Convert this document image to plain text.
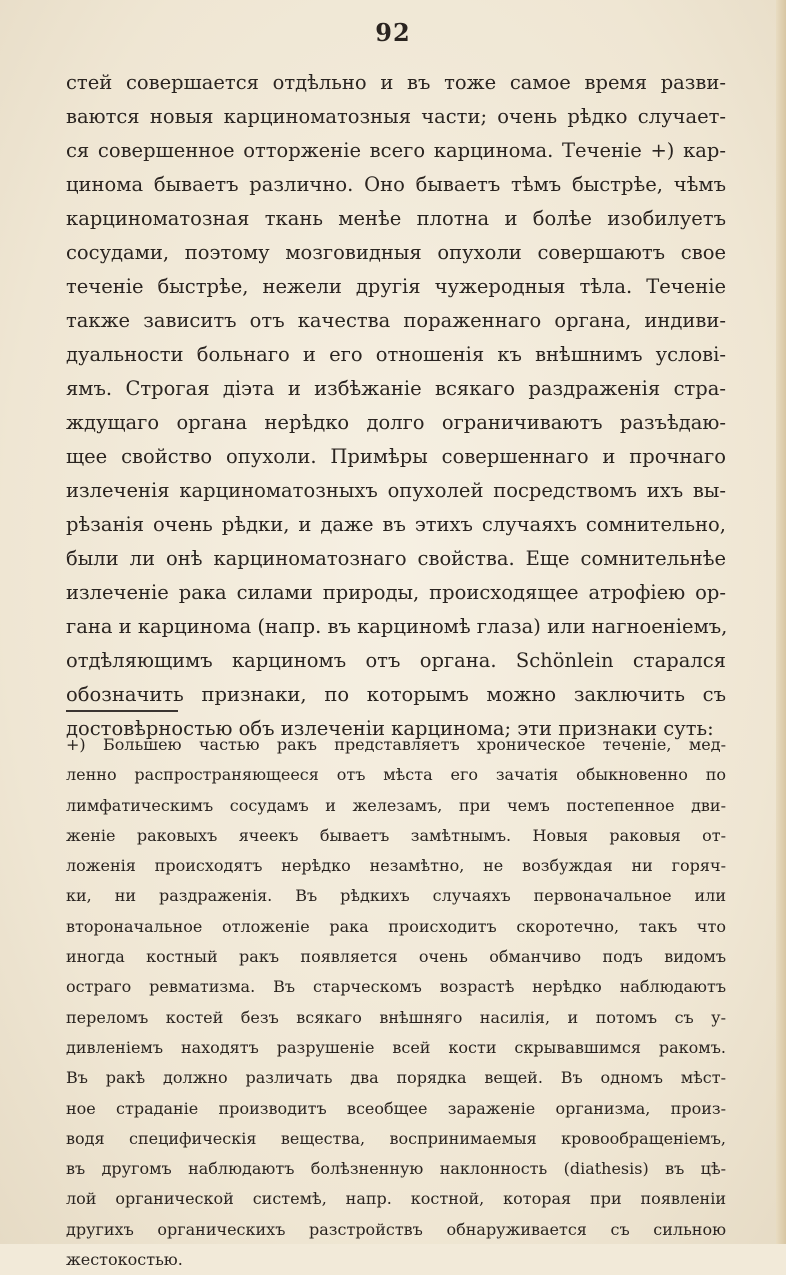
92
стей совершается отдѣльно и въ тоже самое время разви-
ваются новыя карциноматозныя части; очень рѣдко случает-
ся совершенное отторженіе всего карцинома. Теченіе +) кар-
цинома бываетъ различно. Оно бываетъ тѣмъ быстрѣе, чѣмъ
карциноматозная ткань менѣе плотна и болѣе изобилуетъ
сосудами, поэтому мозговидныя опухоли совершаютъ свое
теченіе быстрѣе, нежели другія чужеродныя тѣла. Теченіе
также зависитъ отъ качества пораженнаго органа, индиви-
дуальности больнаго и его отношенія къ внѣшнимъ услові-
ямъ. Строгая діэта и избѣжаніе всякаго раздраженія стра-
ждущаго органа нерѣдко долго ограничиваютъ разъѣдаю-
щее свойство опухоли. Примѣры совершеннаго и прочнаго
излеченія карциноматозныхъ опухолей посредствомъ ихъ вы-
рѣзанія очень рѣдки, и даже въ этихъ случаяхъ сомнительно,
были ли онѣ карциноматознаго свойства. Еще сомнительнѣе
излеченіе рака силами природы, происходящее атрофіею ор-
гана и карцинома (напр. въ карциномѣ глаза) или нагноеніемъ,
отдѣляющимъ карциномъ отъ органа. Schönlein старался
обозначить признаки, по которымъ можно заключить съ
достовѣрностью объ излеченіи карцинома; эти признаки суть:
+) Большею частью ракъ представляетъ хроническое теченіе, мед-
ленно распространяющееся отъ мѣста его зачатія обыкновенно по
лимфатическимъ сосудамъ и железамъ, при чемъ постепенное дви-
женіе раковыхъ ячеекъ бываетъ замѣтнымъ. Новыя раковыя от-
ложенія происходятъ нерѣдко незамѣтно, не возбуждая ни горяч-
ки, ни раздраженія. Въ рѣдкихъ случаяхъ первоначальное или
второначальное отложеніе рака происходитъ скоротечно, такъ что
иногда костный ракъ появляется очень обманчиво подъ видомъ
остраго ревматизма. Въ старческомъ возрастѣ нерѣдко наблюдаютъ
переломъ костей безъ всякаго внѣшняго насилія, и потомъ съ у-
дивленіемъ находятъ разрушеніе всей кости скрывавшимся ракомъ.
Въ ракѣ должно различать два порядка вещей. Въ одномъ мѣст-
ное страданіе производитъ всеобщее зараженіе организма, произ-
водя специфическія вещества, воспринимаемыя кровообращеніемъ,
въ другомъ наблюдаютъ болѣзненную наклонность (diathesis) въ цѣ-
лой органической системѣ, напр. костной, которая при появленіи
другихъ органическихъ разстройствъ обнаруживается съ сильною
жестокостью.
